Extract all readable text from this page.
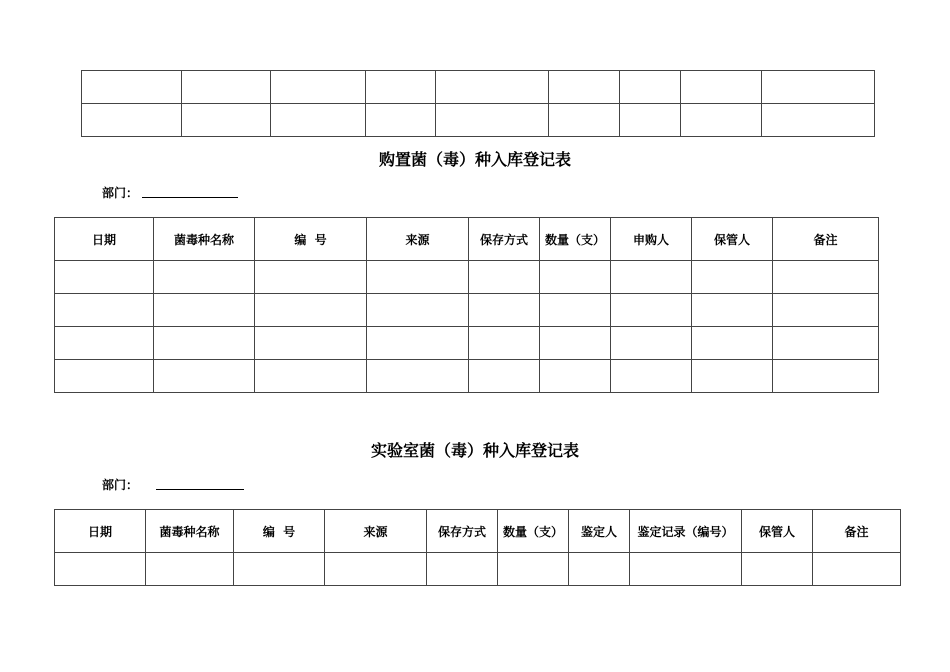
购置菌（毒）种入库登记表
部门：
日期	菌毒种名称	编  号	来源	保存方式	数量（支）	申购人	保管人	备注

实验室菌（毒）种入库登记表
部门：
日期	菌毒种名称	编  号	来源	保存方式	数量（支）	鉴定人	鉴定记录（编号）	保管人	备注
